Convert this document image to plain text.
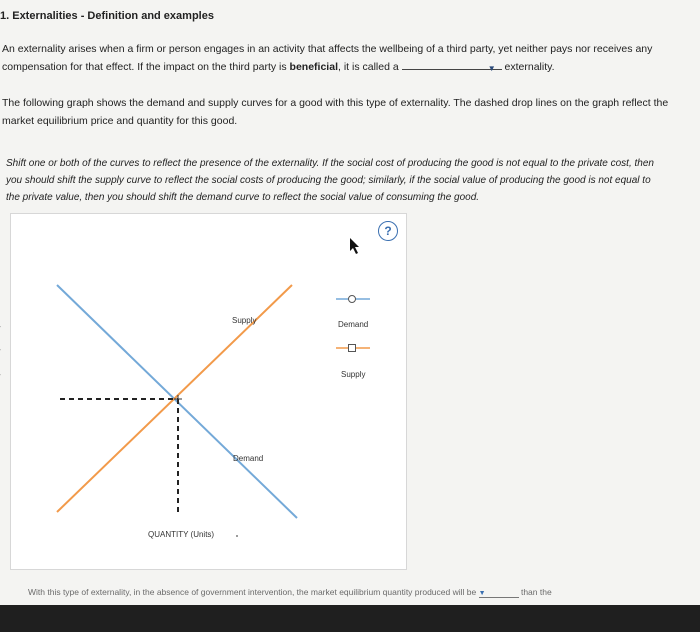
1. Externalities - Definition and examples
An externality arises when a firm or person engages in an activity that affects the wellbeing of a third party, yet neither pays nor receives any
compensation for that effect. If the impact on the third party is beneficial, it is called a	▼ externality.
The following graph shows the demand and supply curves for a good with this type of externality. The dashed drop lines on the graph reflect the
market equilibrium price and quantity for this good.
Shift one or both of the curves to reflect the presence of the externality. If the social cost of producing the good is not equal to the private cost, then
you should shift the supply curve to reflect the social costs of producing the good; similarly, if the social value of producing the good is not equal to
the private value, then you should shift the demand curve to reflect the social value of consuming the good.
?
QUANTITY (Units)
Supply
Demand
Demand
Supply
With this type of externality, in the absence of government intervention, the market equilibrium quantity produced will be ▼	than the
